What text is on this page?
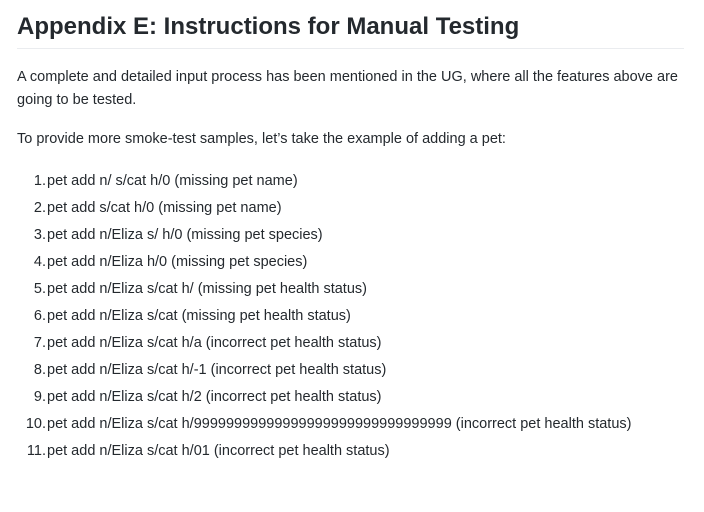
Appendix E: Instructions for Manual Testing

A complete and detailed input process has been mentioned in the UG, where all the features above are going to be tested.

To provide more smoke-test samples, let’s take the example of adding a pet:

1. pet add n/ s/cat h/0 (missing pet name)
2. pet add s/cat h/0 (missing pet name)
3. pet add n/Eliza s/ h/0 (missing pet species)
4. pet add n/Eliza h/0 (missing pet species)
5. pet add n/Eliza s/cat h/ (missing pet health status)
6. pet add n/Eliza s/cat (missing pet health status)
7. pet add n/Eliza s/cat h/a (incorrect pet health status)
8. pet add n/Eliza s/cat h/-1 (incorrect pet health status)
9. pet add n/Eliza s/cat h/2 (incorrect pet health status)
10. pet add n/Eliza s/cat h/99999999999999999999999999999999 (incorrect pet health status)
11. pet add n/Eliza s/cat h/01 (incorrect pet health status)
